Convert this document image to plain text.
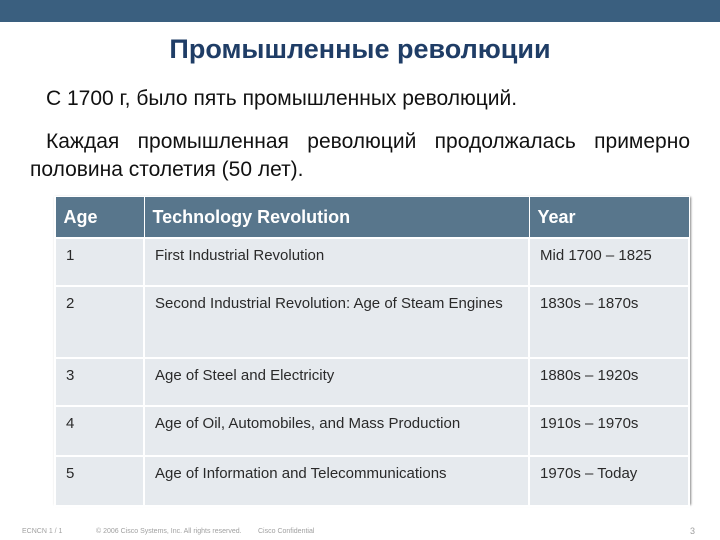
Промышленные революции
С 1700 г, было пять промышленных революций.
Каждая промышленная революций продолжалась примерно половина столетия (50 лет).
Age	Technology Revolution	Year
1	First Industrial Revolution	Mid 1700 – 1825
2	Second Industrial Revolution: Age of Steam Engines	1830s – 1870s
3	Age of Steel and Electricity	1880s – 1920s
4	Age of Oil, Automobiles, and Mass Production	1910s – 1970s
5	Age of Information and Telecommunications	1970s – Today
ECNCN 1 / 1	© 2006 Cisco Systems, Inc. All rights reserved. Cisco Confidential	3
